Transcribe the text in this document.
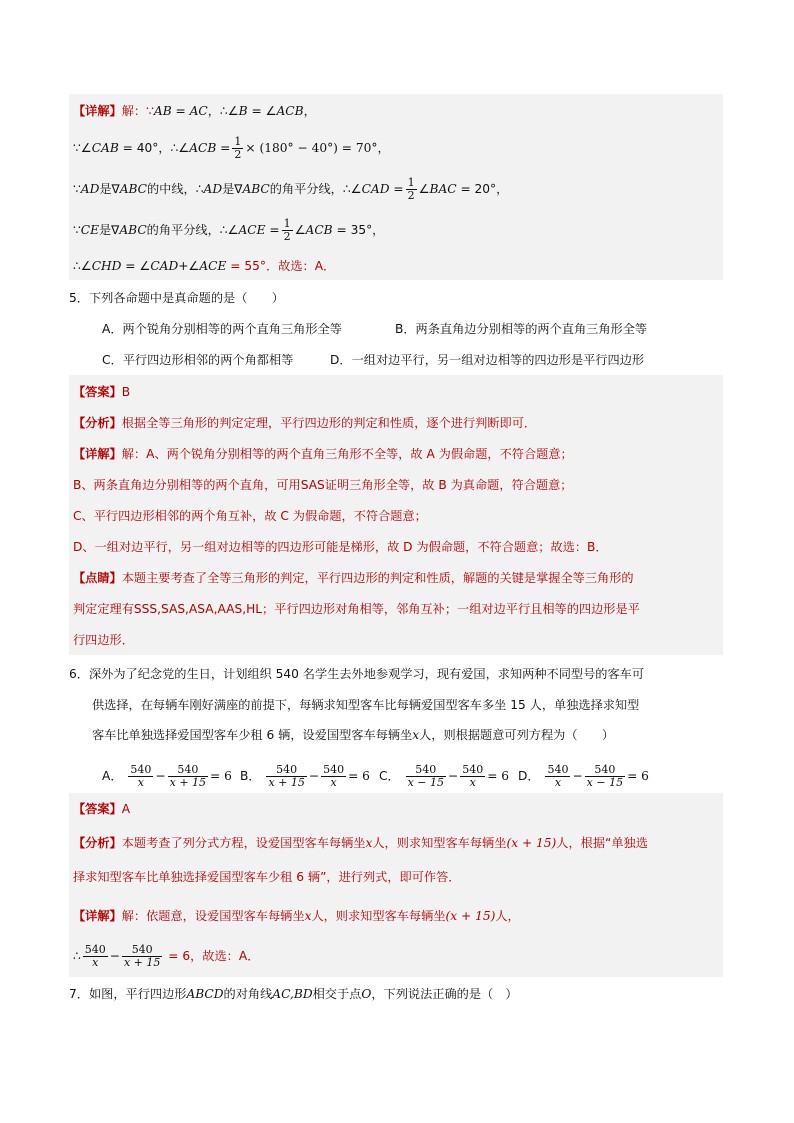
【详解】解：∵AB = AC，∴∠B = ∠ACB，
∵∠CAB = 40°，∴∠ACB = $\frac{1}{2} \times (180^\circ - 40^\circ) = 70^\circ$，
∵AD是∇ABC的中线，∴AD是∇ABC的角平分线，∴∠CAD = $\frac{1}{2}$ ∠BAC = 20°，
∵CE是∇ABC的角平分线，∴∠ACE = $\frac{1}{2}$ ∠ACB = 35°，
∴∠CHD = ∠CAD+∠ACE = 55°．故选：A．
5．下列各命题中是真命题的是（　　）
A．两个锐角分别相等的两个直角三角形全等	B．两条直角边分别相等的两个直角三角形全等
C．平行四边形相邻的两个角都相等	D．一组对边平行，另一组对边相等的四边形是平行四边形
【答案】B
【分析】根据全等三角形的判定定理，平行四边形的判定和性质，逐个进行判断即可．
【详解】解：A、两个锐角分别相等的两个直角三角形不全等，故 A 为假命题，不符合题意；
B、两条直角边分别相等的两个直角，可用SAS证明三角形全等，故 B 为真命题，符合题意；
C、平行四边形相邻的两个角互补，故 C 为假命题，不符合题意；
D、一组对边平行，另一组对边相等的四边形可能是梯形，故 D 为假命题，不符合题意；故选：B．
【点睛】本题主要考查了全等三角形的判定，平行四边形的判定和性质，解题的关键是掌握全等三角形的
判定定理有SSS,SAS,ASA,AAS,HL；平行四边形对角相等，邻角互补；一组对边平行且相等的四边形是平
行四边形．
6．深外为了纪念党的生日，计划组织 540 名学生去外地参观学习，现有爱国，求知两种不同型号的客车可
供选择，在每辆车刚好满座的前提下，每辆求知型客车比每辆爱国型客车多坐 15 人，单独选择求知型
客车比单独选择爱国型客车少租 6 辆，设爱国型客车每辆坐x人，则根据题意可列方程为（　　）
A． $\frac{540}{x} - \frac{540}{x + 15} = 6$ B． $\frac{540}{x + 15} - \frac{540}{x} = 6$ C． $\frac{540}{x - 15} - \frac{540}{x} = 6$ D． $\frac{540}{x} - \frac{540}{x - 15} = 6$
【答案】A
【分析】本题考查了列分式方程，设爱国型客车每辆坐x人，则求知型客车每辆坐(x + 15)人，根据“单独选
择求知型客车比单独选择爱国型客车少租 6 辆”，进行列式，即可作答．
【详解】解：依题意，设爱国型客车每辆坐x人，则求知型客车每辆坐(x + 15)人，
∴ $\frac{540}{x} - \frac{540}{x + 15} = 6$，故选：A．
7．如图，平行四边形ABCD的对角线AC,BD相交于点O，下列说法正确的是（　）
